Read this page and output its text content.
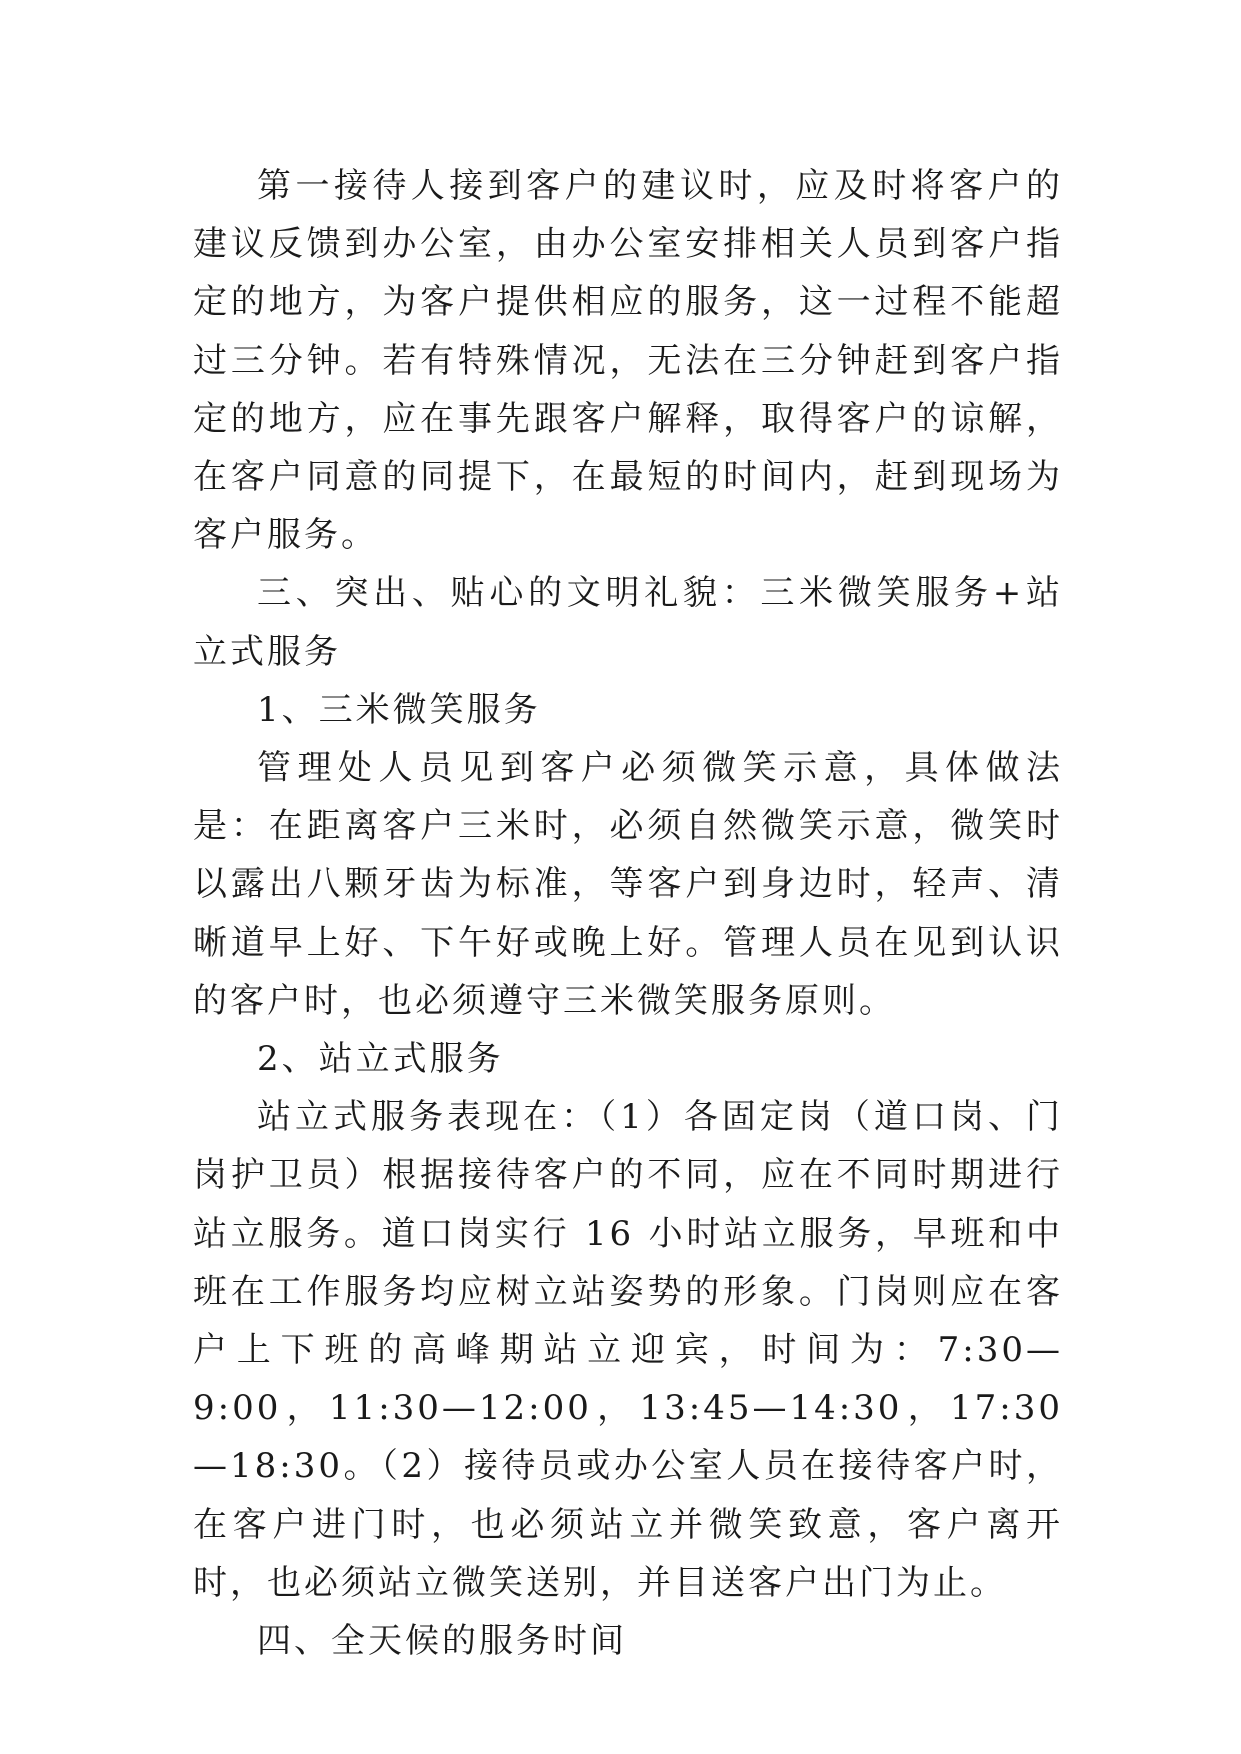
第一接待人接到客户的建议时，应及时将客户的建议反馈到办公室，由办公室安排相关人员到客户指定的地方，为客户提供相应的服务，这一过程不能超过三分钟。若有特殊情况，无法在三分钟赶到客户指定的地方，应在事先跟客户解释，取得客户的谅解，在客户同意的同提下，在最短的时间内，赶到现场为客户服务。

三、突出、贴心的文明礼貌：三米微笑服务+站立式服务

1、三米微笑服务

管理处人员见到客户必须微笑示意，具体做法是：在距离客户三米时，必须自然微笑示意，微笑时以露出八颗牙齿为标准，等客户到身边时，轻声、清晰道早上好、下午好或晚上好。管理人员在见到认识的客户时，也必须遵守三米微笑服务原则。

2、站立式服务

站立式服务表现在：（1）各固定岗（道口岗、门岗护卫员）根据接待客户的不同，应在不同时期进行站立服务。道口岗实行 16 小时站立服务，早班和中班在工作服务均应树立站姿势的形象。门岗则应在客户上下班的高峰期站立迎宾，时间为：7:30—9:00，11:30—12:00，13:45—14:30，17:30—18:30。（2）接待员或办公室人员在接待客户时，在客户进门时，也必须站立并微笑致意，客户离开时，也必须站立微笑送别，并目送客户出门为止。

四、全天候的服务时间
